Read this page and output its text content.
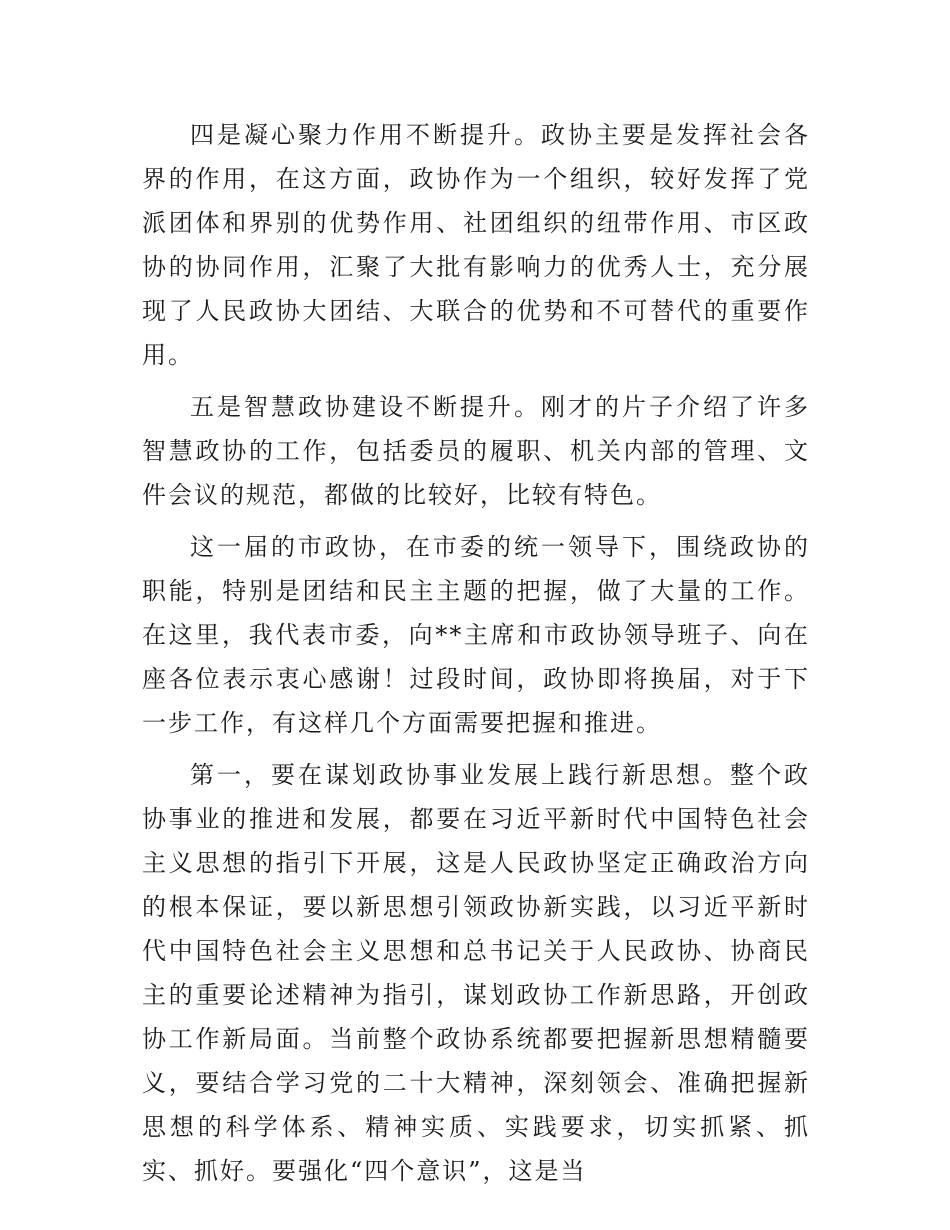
四是凝心聚力作用不断提升。政协主要是发挥社会各界的作用，在这方面，政协作为一个组织，较好发挥了党派团体和界别的优势作用、社团组织的纽带作用、市区政协的协同作用，汇聚了大批有影响力的优秀人士，充分展现了人民政协大团结、大联合的优势和不可替代的重要作用。

五是智慧政协建设不断提升。刚才的片子介绍了许多智慧政协的工作，包括委员的履职、机关内部的管理、文件会议的规范，都做的比较好，比较有特色。

这一届的市政协，在市委的统一领导下，围绕政协的职能，特别是团结和民主主题的把握，做了大量的工作。在这里，我代表市委，向**主席和市政协领导班子、向在座各位表示衷心感谢！过段时间，政协即将换届，对于下一步工作，有这样几个方面需要把握和推进。

第一，要在谋划政协事业发展上践行新思想。整个政协事业的推进和发展，都要在习近平新时代中国特色社会主义思想的指引下开展，这是人民政协坚定正确政治方向的根本保证，要以新思想引领政协新实践，以习近平新时代中国特色社会主义思想和总书记关于人民政协、协商民主的重要论述精神为指引，谋划政协工作新思路，开创政协工作新局面。当前整个政协系统都要把握新思想精髓要义，要结合学习党的二十大精神，深刻领会、准确把握新思想的科学体系、精神实质、实践要求，切实抓紧、抓实、抓好。要强化“四个意识”，这是当
